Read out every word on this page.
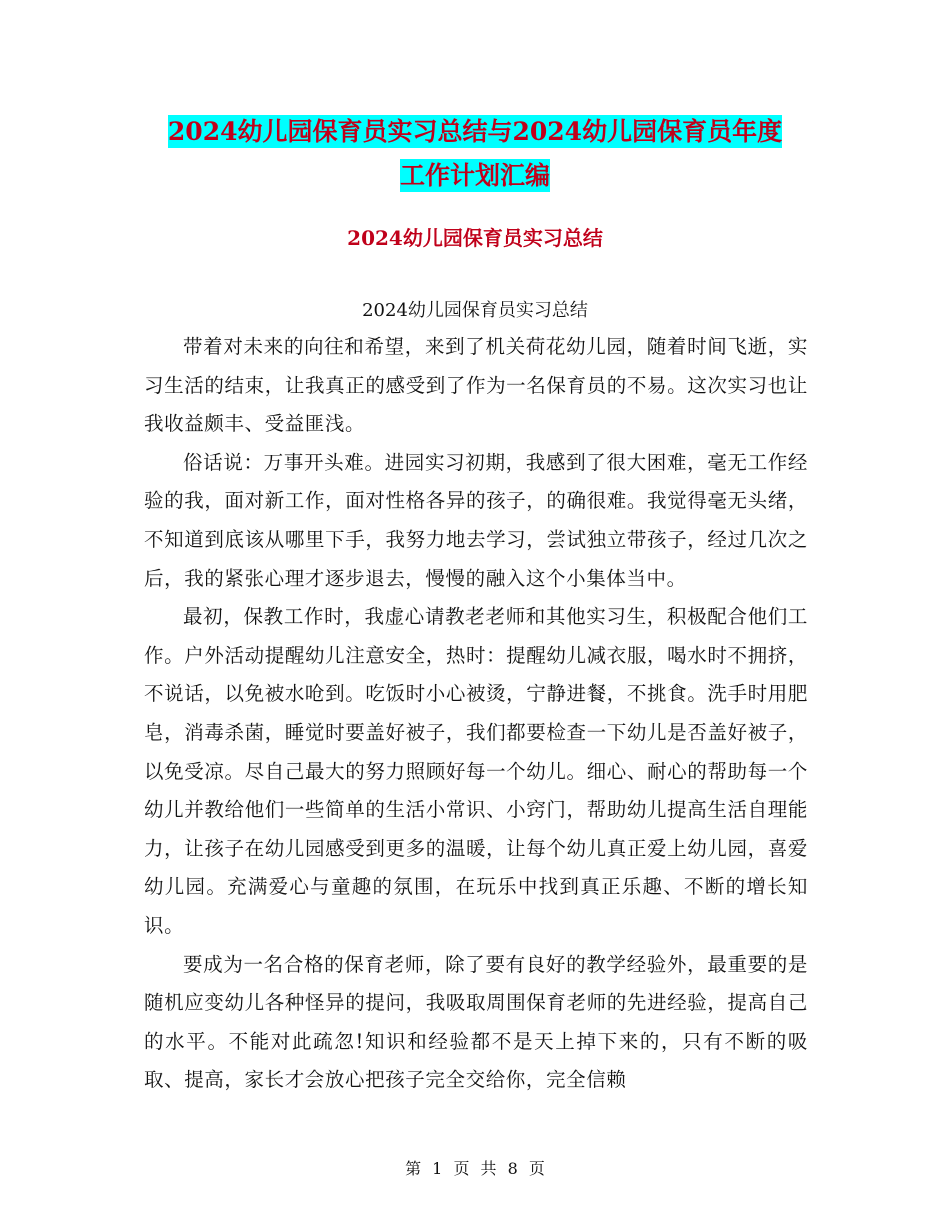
2024幼儿园保育员实习总结与2024幼儿园保育员年度
工作计划汇编
2024幼儿园保育员实习总结
2024幼儿园保育员实习总结

带着对未来的向往和希望，来到了机关荷花幼儿园，随着时间飞逝，实习生活的结束，让我真正的感受到了作为一名保育员的不易。这次实习也让我收益颇丰、受益匪浅。

俗话说：万事开头难。进园实习初期，我感到了很大困难，毫无工作经验的我，面对新工作，面对性格各异的孩子，的确很难。我觉得毫无头绪，不知道到底该从哪里下手，我努力地去学习，尝试独立带孩子，经过几次之后，我的紧张心理才逐步退去，慢慢的融入这个小集体当中。

最初，保教工作时，我虚心请教老老师和其他实习生，积极配合他们工作。户外活动提醒幼儿注意安全，热时：提醒幼儿减衣服，喝水时不拥挤，不说话，以免被水呛到。吃饭时小心被烫，宁静进餐，不挑食。洗手时用肥皂，消毒杀菌，睡觉时要盖好被子，我们都要检查一下幼儿是否盖好被子，以免受凉。尽自己最大的努力照顾好每一个幼儿。细心、耐心的帮助每一个幼儿并教给他们一些简单的生活小常识、小窍门，帮助幼儿提高生活自理能力，让孩子在幼儿园感受到更多的温暖，让每个幼儿真正爱上幼儿园，喜爱幼儿园。充满爱心与童趣的氛围，在玩乐中找到真正乐趣、不断的增长知识。

要成为一名合格的保育老师，除了要有良好的教学经验外，最重要的是随机应变幼儿各种怪异的提问，我吸取周围保育老师的先进经验，提高自己的水平。不能对此疏忽!知识和经验都不是天上掉下来的，只有不断的吸取、提高，家长才会放心把孩子完全交给你，完全信赖

第 1 页 共 8 页
